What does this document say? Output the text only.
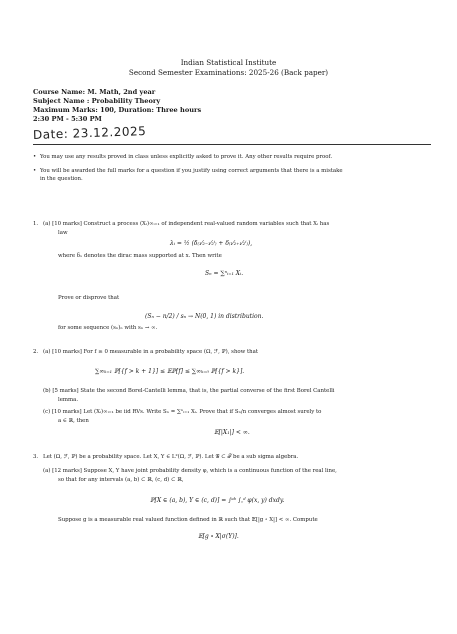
Indian Statistical Institute
Second Semester Examinations: 2025-26 (Back paper)
Course Name: M. Math, 2nd year
Subject Name : Probability Theory
Maximum Marks: 100, Duration: Three hours
2:30 PM - 5:30 PM
Date: 23.12.2025
• You may use any results proved in class unless explicitly asked to prove it. Any other results require proof.
• You will be awarded the full marks for a question if you justify using correct arguments that there is a mistake
in the question.
1. (a) [10 marks] Construct a process (Xᵢ)∞ᵢ₌₁ of independent real-valued random variables such that Xᵢ has
law
λᵢ = ½ (δ₍₁⁄₂₋₁⁄₂ⁱ₎ + δ₍₁⁄₂₊₁⁄₂ⁱ₎),
where δₓ denotes the dirac mass supported at x. Then write
Sₙ = ∑ⁿᵢ₌₁ Xᵢ.
Prove or disprove that
(Sₙ − n/2) / sₙ → N(0, 1) in distribution.
for some sequence (sₙ)ₙ with sₙ → ∞.
2. (a) [10 marks] For f ≥ 0 measurable in a probability space (Ω, ℱ, ℙ), show that
∑∞ₖ₌₁ ℙ[{f > k + 1}] ≤ 𝔼ℙ[f] ≤ ∑∞ₖ₌₀ ℙ[{f > k}].
(b) [5 marks] State the second Borel-Cantelli lemma, that is, the partial converse of the first Borel Cantelli
lemma.
(c) [10 marks] Let (Xᵢ)∞ᵢ₌₁ be iid RVs. Write Sₙ = ∑ⁿᵢ₌₁ Xᵢ. Prove that if Sₙ/n converges almost surely to
a ∈ ℝ, then
𝔼[|X₁|] < ∞.
3. Let (Ω, ℱ, ℙ) be a probability space. Let X, Y ∈ L²(Ω, ℱ, ℙ). Let 𝒢 ⊂ ℱ be a sub sigma algebra.
(a) [12 marks] Suppose X, Y have joint probability density φ, which is a continuous function of the real line,
so that for any intervals (a, b) ⊂ ℝ, (c, d) ⊂ ℝ,
ℙ[X ∈ (a, b), Y ∈ (c, d)] = ∫ᵃᵇ ∫꜀ᵈ φ(x, y) dxdy.
Suppose g is a measurable real valued function defined in ℝ such that 𝔼[|g ∘ X|] < ∞. Compute
𝔼[g ∘ X|σ(Y)].
